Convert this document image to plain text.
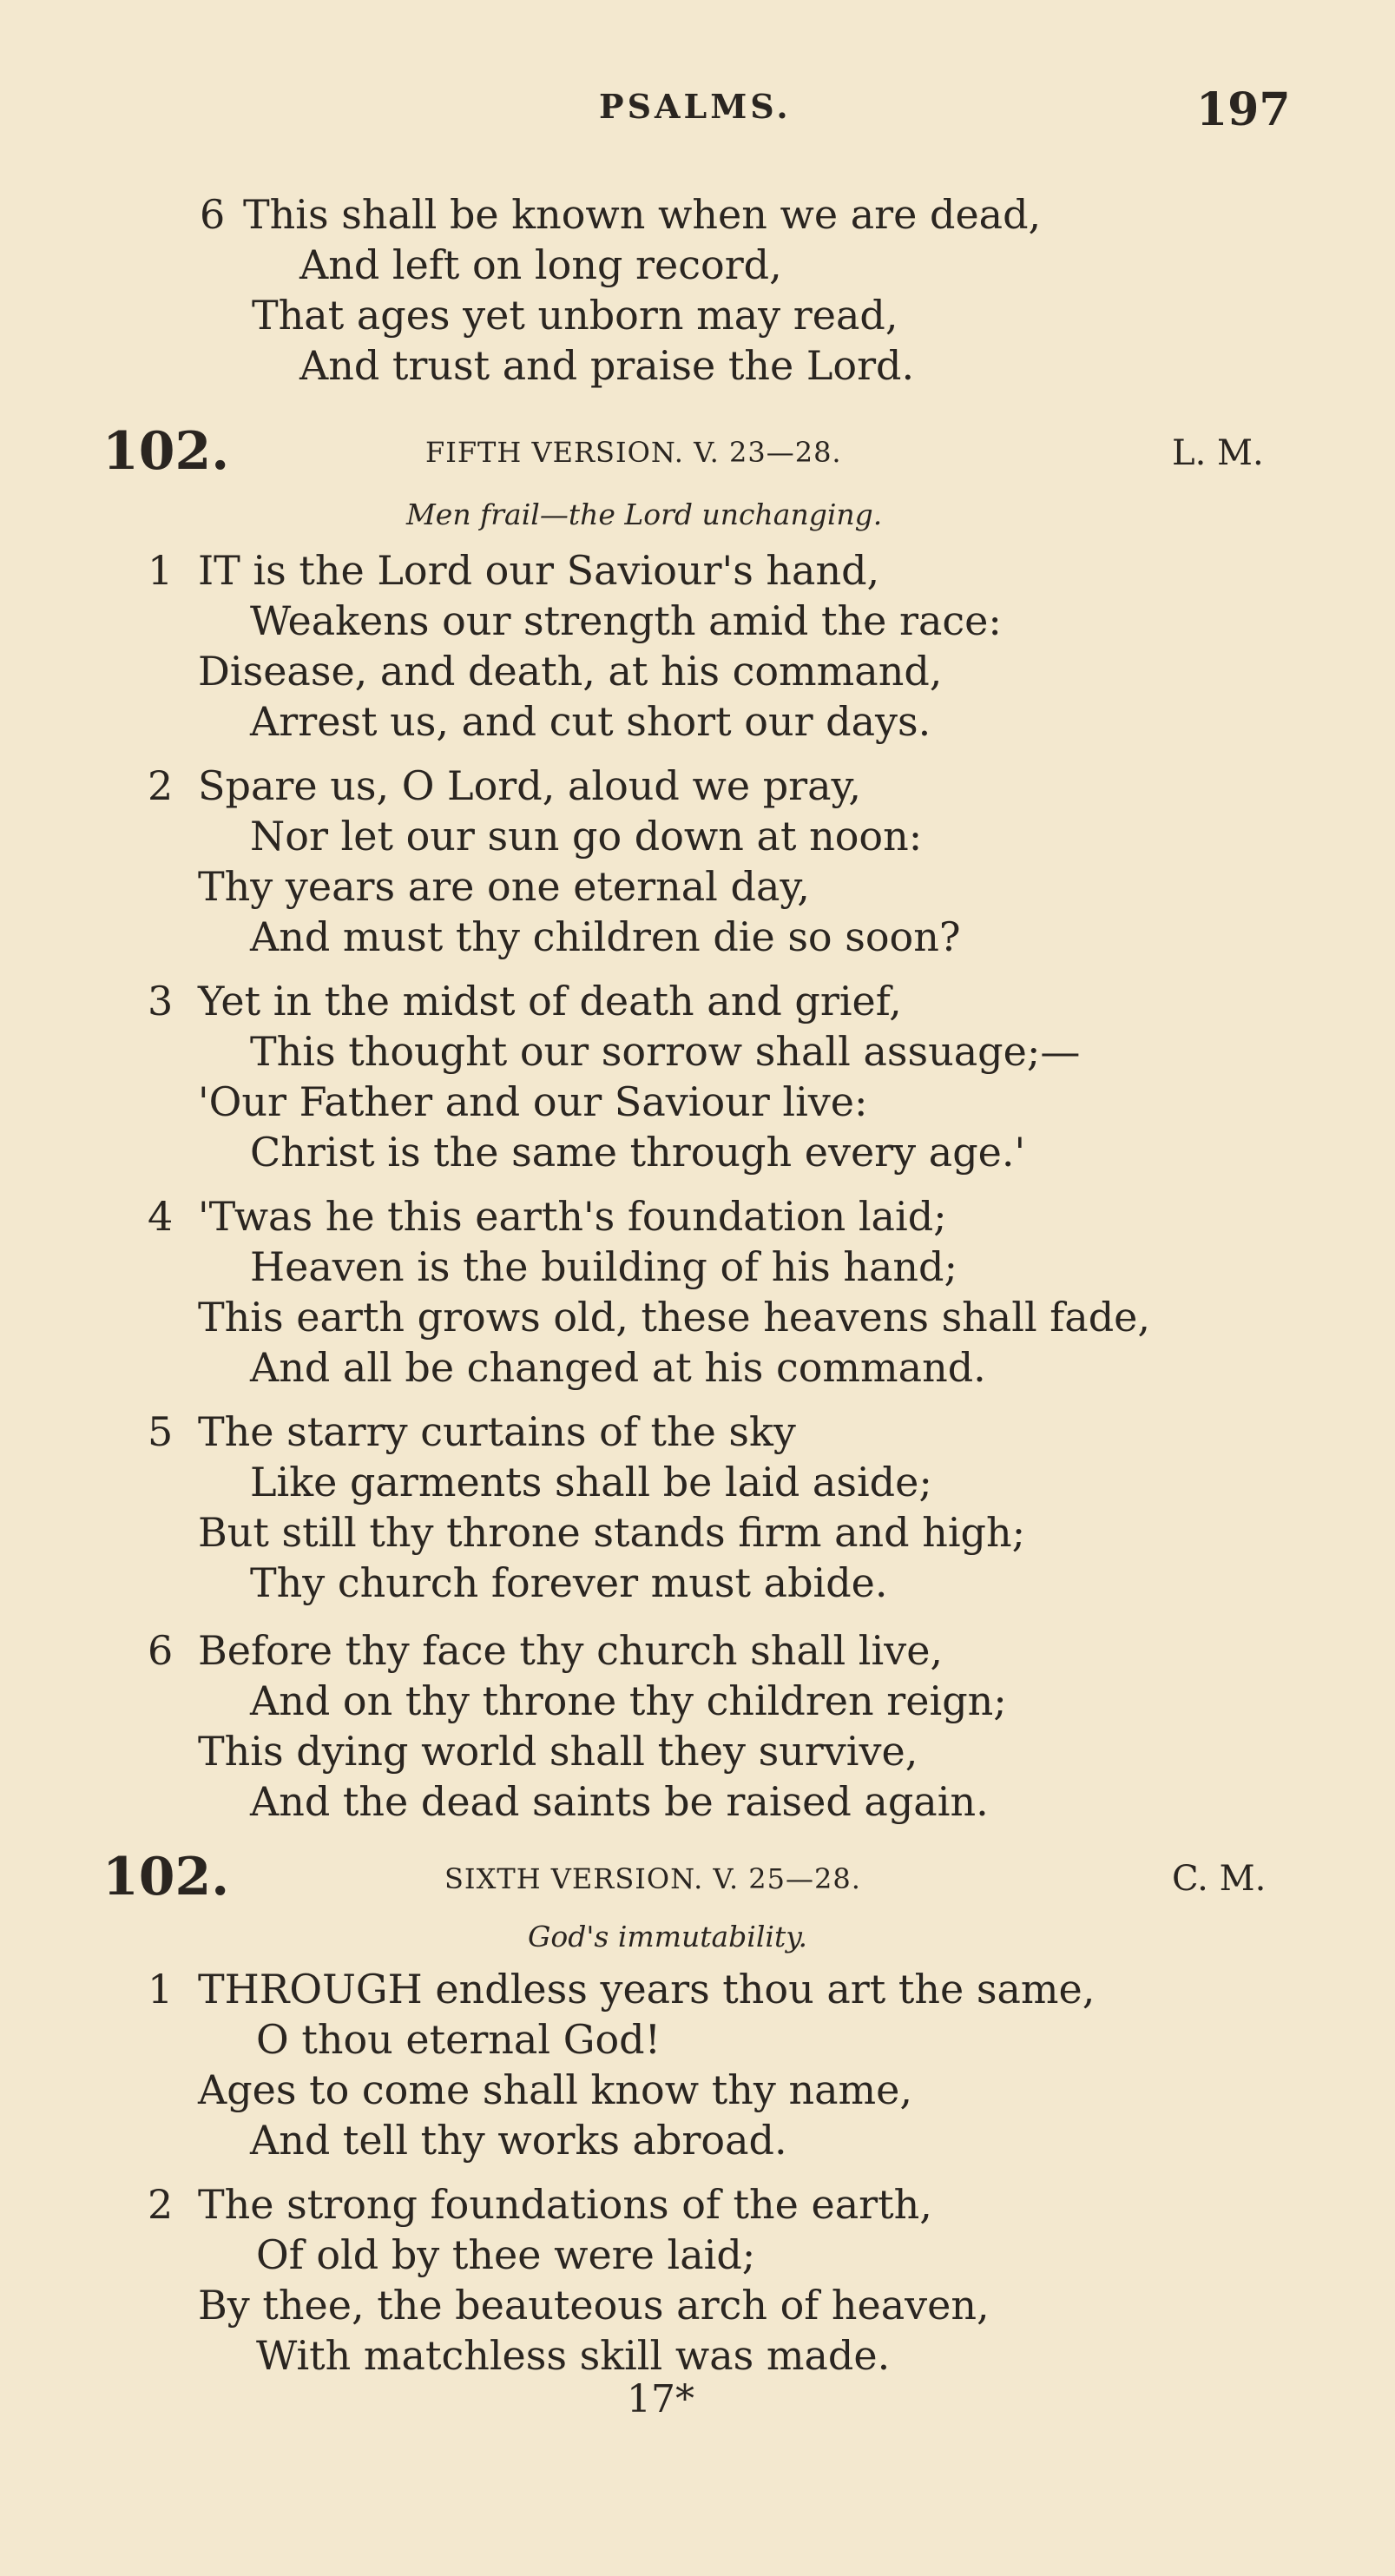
PSALMS.	197
6 This shall be known when we are dead,
And left on long record,
That ages yet unborn may read,
And trust and praise the Lord.
102.	FIFTH VERSION. V. 23—28.	L. M.
Men frail—the Lord unchanging.
1 IT is the Lord our Saviour's hand,
Weakens our strength amid the race:
Disease, and death, at his command,
Arrest us, and cut short our days.
2 Spare us, O Lord, aloud we pray,
Nor let our sun go down at noon:
Thy years are one eternal day,
And must thy children die so soon?
3 Yet in the midst of death and grief,
This thought our sorrow shall assuage;—
'Our Father and our Saviour live:
Christ is the same through every age.'
4 'Twas he this earth's foundation laid;
Heaven is the building of his hand;
This earth grows old, these heavens shall fade,
And all be changed at his command.
5 The starry curtains of the sky
Like garments shall be laid aside;
But still thy throne stands firm and high;
Thy church forever must abide.
6 Before thy face thy church shall live,
And on thy throne thy children reign;
This dying world shall they survive,
And the dead saints be raised again.
102.	SIXTH VERSION. V. 25—28.	C. M.
God's immutability.
1 THROUGH endless years thou art the same,
O thou eternal God!
Ages to come shall know thy name,
And tell thy works abroad.
2 The strong foundations of the earth,
Of old by thee were laid;
By thee, the beauteous arch of heaven,
With matchless skill was made.
17*
